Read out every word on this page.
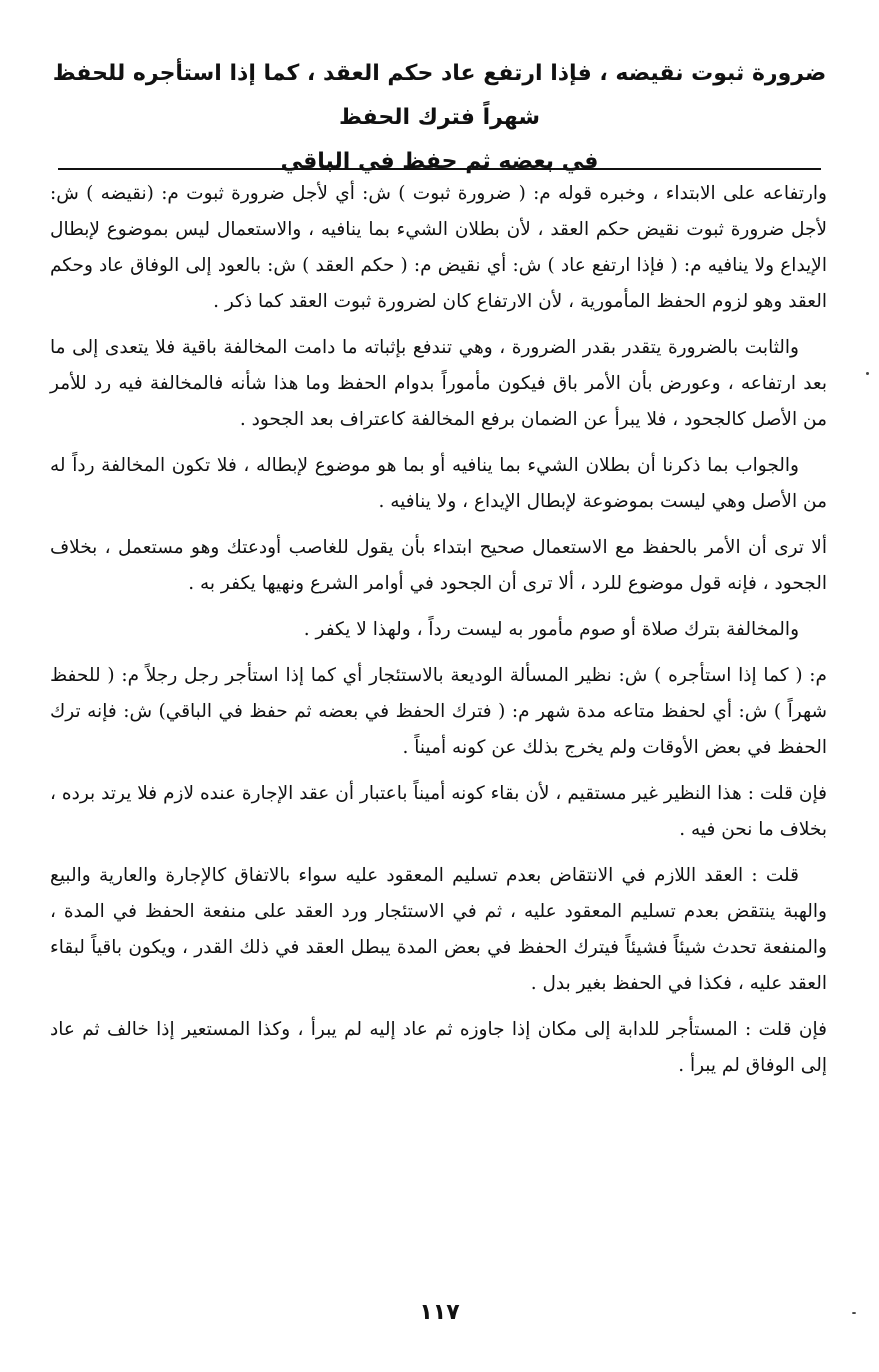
ضرورة ثبوت نقيضه ، فإذا ارتفع عاد حكم العقد ، كما إذا استأجره للحفظ شهراً فترك الحفظ
في بعضه ثم حفظ في الباقي

وارتفاعه على الابتداء ، وخبره قوله م: ( ضرورة ثبوت ) ش: أي لأجل ضرورة ثبوت م: (نقيضه ) ش: لأجل ضرورة ثبوت نقيض حكم العقد ، لأن بطلان الشيء بما ينافيه ، والاستعمال ليس بموضوع لإبطال الإيداع ولا ينافيه م: ( فإذا ارتفع عاد ) ش: أي نقيض م: ( حكم العقد ) ش: بالعود إلى الوفاق عاد وحكم العقد وهو لزوم الحفظ المأمورية ، لأن الارتفاع كان لضرورة ثبوت العقد كما ذكر .

والثابت بالضرورة يتقدر بقدر الضرورة ، وهي تندفع بإثباته ما دامت المخالفة باقية فلا يتعدى إلى ما بعد ارتفاعه ، وعورض بأن الأمر باق فيكون مأموراً بدوام الحفظ وما هذا شأنه فالمخالفة فيه رد للأمر من الأصل كالجحود ، فلا يبرأ عن الضمان برفع المخالفة كاعتراف بعد الجحود .

والجواب بما ذكرنا أن بطلان الشيء بما ينافيه أو بما هو موضوع لإبطاله ، فلا تكون المخالفة رداً له من الأصل وهي ليست بموضوعة لإبطال الإيداع ، ولا ينافيه .

ألا ترى أن الأمر بالحفظ مع الاستعمال صحيح ابتداء بأن يقول للغاصب أودعتك وهو مستعمل ، بخلاف الجحود ، فإنه قول موضوع للرد ، ألا ترى أن الجحود في أوامر الشرع ونهيها يكفر به .

والمخالفة بترك صلاة أو صوم مأمور به ليست رداً ، ولهذا لا يكفر .

م: ( كما إذا استأجره ) ش: نظير المسألة الوديعة بالاستئجار أي كما إذا استأجر رجل رجلاً م: ( للحفظ شهراً ) ش: أي لحفظ متاعه مدة شهر م: ( فترك الحفظ في بعضه ثم حفظ في الباقي) ش: فإنه ترك الحفظ في بعض الأوقات ولم يخرج بذلك عن كونه أميناً .

فإن قلت : هذا النظير غير مستقيم ، لأن بقاء كونه أميناً باعتبار أن عقد الإجارة عنده لازم فلا يرتد برده ، بخلاف ما نحن فيه .

قلت : العقد اللازم في الانتقاض بعدم تسليم المعقود عليه سواء بالاتفاق كالإجارة والعارية والبيع والهبة ينتقض بعدم تسليم المعقود عليه ، ثم في الاستئجار ورد العقد على منفعة الحفظ في المدة ، والمنفعة تحدث شيئاً فشيئاً فيترك الحفظ في بعض المدة يبطل العقد في ذلك القدر ، ويكون باقياً لبقاء العقد عليه ، فكذا في الحفظ بغير بدل .

فإن قلت : المستأجر للدابة إلى مكان إذا جاوزه ثم عاد إليه لم يبرأ ، وكذا المستعير إذا خالف ثم عاد إلى الوفاق لم يبرأ .

١١٧
